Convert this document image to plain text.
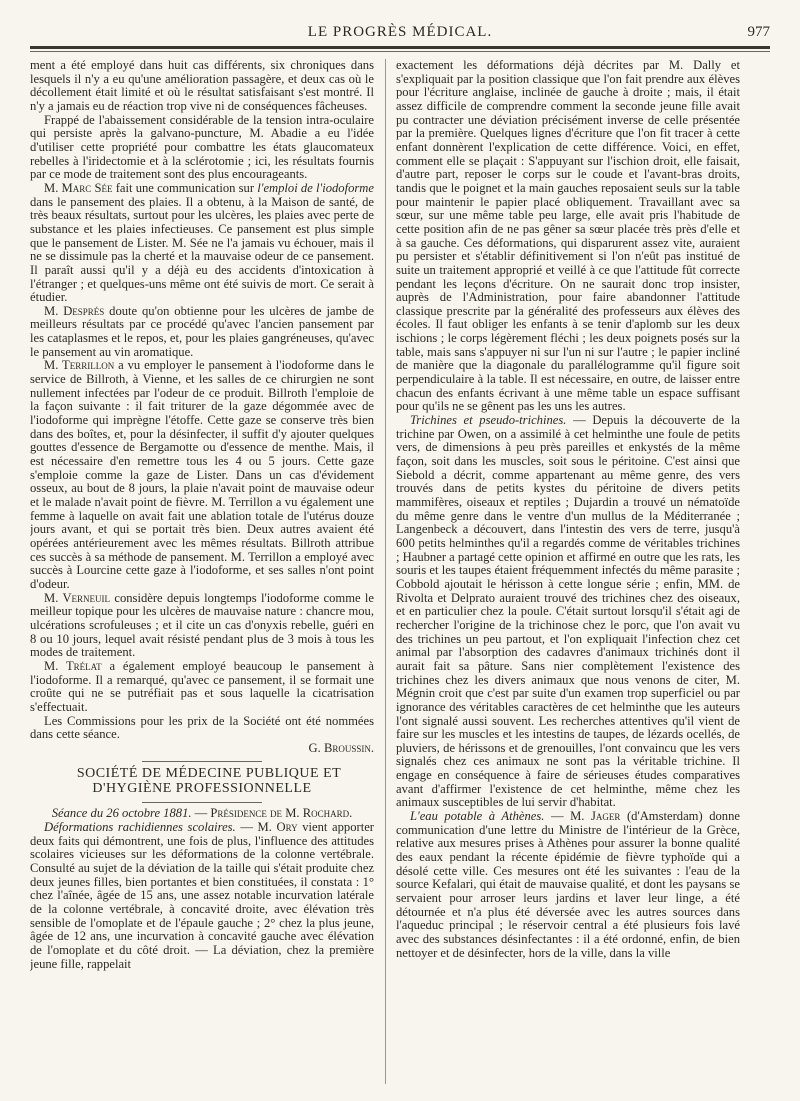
LE PROGRÈS MÉDICAL.	977

ment a été employé dans huit cas différents, six chroniques dans lesquels il n'y a eu qu'une amélioration passagère, et deux cas où le décollement était limité et où le résultat satisfaisant s'est montré. Il n'y a jamais eu de réaction trop vive ni de conséquences fâcheuses.

Frappé de l'abaissement considérable de la tension intra-oculaire qui persiste après la galvano-puncture, M. Abadie a eu l'idée d'utiliser cette propriété pour combattre les états glaucomateux rebelles à l'iridectomie et à la sclérotomie ; ici, les résultats fournis par ce mode de traitement sont des plus encourageants.

M. Marc Sée fait une communication sur l'emploi de l'iodoforme dans le pansement des plaies. Il a obtenu, à la Maison de santé, de très beaux résultats, surtout pour les ulcères, les plaies avec perte de substance et les plaies infectieuses. Ce pansement est plus simple que le pansement de Lister. M. Sée ne l'a jamais vu échouer, mais il ne se dissimule pas la cherté et la mauvaise odeur de ce pansement. Il paraît aussi qu'il y a déjà eu des accidents d'intoxication à l'étranger ; et quelques-uns même ont été suivis de mort. Ce serait à étudier.

M. Després doute qu'on obtienne pour les ulcères de jambe de meilleurs résultats par ce procédé qu'avec l'ancien pansement par les cataplasmes et le repos, et, pour les plaies gangréneuses, qu'avec le pansement au vin aromatique.

M. Terrillon a vu employer le pansement à l'iodoforme dans le service de Billroth, à Vienne, et les salles de ce chirurgien ne sont nullement infectées par l'odeur de ce produit. Billroth l'emploie de la façon suivante : il fait triturer de la gaze dégommée avec de l'iodoforme qui imprègne l'étoffe. Cette gaze se conserve très bien dans des boîtes, et, pour la désinfecter, il suffit d'y ajouter quelques gouttes d'essence de Bergamotte ou d'essence de menthe. Mais, il est nécessaire d'en remettre tous les 4 ou 5 jours. Cette gaze s'emploie comme la gaze de Lister. Dans un cas d'évidement osseux, au bout de 8 jours, la plaie n'avait point de mauvaise odeur et le malade n'avait point de fièvre. M. Terrillon a vu également une femme à laquelle on avait fait une ablation totale de l'utérus douze jours avant, et qui se portait très bien. Deux autres avaient été opérées antérieurement avec les mêmes résultats. Billroth attribue ces succès à sa méthode de pansement. M. Terrillon a employé avec succès à Lourcine cette gaze à l'iodoforme, et ses salles n'ont point d'odeur.

M. Verneuil considère depuis longtemps l'iodoforme comme le meilleur topique pour les ulcères de mauvaise nature : chancre mou, ulcérations scrofuleuses ; et il cite un cas d'onyxis rebelle, guéri en 8 ou 10 jours, lequel avait résisté pendant plus de 3 mois à tous les modes de traitement.

M. Trélat a également employé beaucoup le pansement à l'iodoforme. Il a remarqué, qu'avec ce pansement, il se formait une croûte qui ne se putréfiait pas et sous laquelle la cicatrisation s'effectuait.

Les Commissions pour les prix de la Société ont été nommées dans cette séance.

G. Broussin.

SOCIÉTÉ DE MÉDECINE PUBLIQUE ET D'HYGIÈNE PROFESSIONNELLE

Séance du 26 octobre 1881. — Présidence de M. Rochard.

Déformations rachidiennes scolaires. — M. Ory vient apporter deux faits qui démontrent, une fois de plus, l'influence des attitudes scolaires vicieuses sur les déformations de la colonne vertébrale. Consulté au sujet de la déviation de la taille qui s'était produite chez deux jeunes filles, bien portantes et bien constituées, il constata : 1° chez l'aînée, âgée de 15 ans, une assez notable incurvation latérale de la colonne vertébrale, à concavité droite, avec élévation très sensible de l'omoplate et de l'épaule gauche ; 2° chez la plus jeune, âgée de 12 ans, une incurvation à concavité gauche avec élévation de l'omoplate et du côté droit. — La déviation, chez la première jeune fille, rappelait

exactement les déformations déjà décrites par M. Dally et s'expliquait par la position classique que l'on fait prendre aux élèves pour l'écriture anglaise, inclinée de gauche à droite ; mais, il était assez difficile de comprendre comment la seconde jeune fille avait pu contracter une déviation précisément inverse de celle présentée par la première. Quelques lignes d'écriture que l'on fit tracer à cette enfant donnèrent l'explication de cette différence. Voici, en effet, comment elle se plaçait : S'appuyant sur l'ischion droit, elle faisait, d'autre part, reposer le corps sur le coude et l'avant-bras droits, tandis que le poignet et la main gauches reposaient seuls sur la table pour maintenir le papier placé obliquement. Travaillant avec sa sœur, sur une même table peu large, elle avait pris l'habitude de cette position afin de ne pas gêner sa sœur placée très près d'elle et à sa gauche. Ces déformations, qui disparurent assez vite, auraient pu persister et s'établir définitivement si l'on n'eût pas institué de suite un traitement approprié et veillé à ce que l'attitude fût correcte pendant les leçons d'écriture. On ne saurait donc trop insister, auprès de l'Administration, pour faire abandonner l'attitude classique prescrite par la généralité des professeurs aux élèves des écoles. Il faut obliger les enfants à se tenir d'aplomb sur les deux ischions ; le corps légèrement fléchi ; les deux poignets posés sur la table, mais sans s'appuyer ni sur l'un ni sur l'autre ; le papier incliné de manière que la diagonale du parallélogramme qu'il figure soit perpendiculaire à la table. Il est nécessaire, en outre, de laisser entre chacun des enfants écrivant à une même table un espace suffisant pour qu'ils ne se gênent pas les uns les autres.

Trichines et pseudo-trichines. — Depuis la découverte de la trichine par Owen, on a assimilé à cet helminthe une foule de petits vers, de dimensions à peu près pareilles et enkystés de la même façon, soit dans les muscles, soit sous le péritoine. C'est ainsi que Siebold a décrit, comme appartenant au même genre, des vers trouvés dans de petits kystes du péritoine de divers petits mammifères, oiseaux et reptiles ; Dujardin a trouvé un nématoïde du même genre dans le ventre d'un mullus de la Méditerranée ; Langenbeck a découvert, dans l'intestin des vers de terre, jusqu'à 600 petits helminthes qu'il a regardés comme de véritables trichines ; Haubner a partagé cette opinion et affirmé en outre que les rats, les souris et les taupes étaient fréquemment infectés du même parasite ; Cobbold ajoutait le hérisson à cette longue série ; enfin, MM. de Rivolta et Delprato auraient trouvé des trichines chez des oiseaux, et en particulier chez la poule. C'était surtout lorsqu'il s'était agi de rechercher l'origine de la trichinose chez le porc, que l'on avait vu des trichines un peu partout, et l'on expliquait l'infection chez cet animal par l'absorption des cadavres d'animaux trichinés dont il aurait fait sa pâture. Sans nier complètement l'existence des trichines chez les divers animaux que nous venons de citer, M. Mégnin croit que c'est par suite d'un examen trop superficiel ou par ignorance des véritables caractères de cet helminthe que les auteurs l'ont signalé aussi souvent. Les recherches attentives qu'il vient de faire sur les muscles et les intestins de taupes, de lézards ocellés, de pluviers, de hérissons et de grenouilles, l'ont convaincu que les vers signalés chez ces animaux ne sont pas la véritable trichine. Il engage en conséquence à faire de sérieuses études comparatives avant d'affirmer l'existence de cet helminthe, même chez les animaux susceptibles de lui servir d'habitat.

L'eau potable à Athènes. — M. Jager (d'Amsterdam) donne communication d'une lettre du Ministre de l'intérieur de la Grèce, relative aux mesures prises à Athènes pour assurer la bonne qualité des eaux pendant la récente épidémie de fièvre typhoïde qui a désolé cette ville. Ces mesures ont été les suivantes : l'eau de la source Kefalari, qui était de mauvaise qualité, et dont les paysans se servaient pour arroser leurs jardins et laver leur linge, a été détournée et n'a plus été déversée avec les autres sources dans l'aqueduc principal ; le réservoir central a été plusieurs fois lavé avec des substances désinfectantes : il a été ordonné, enfin, de bien nettoyer et de désinfecter, hors de la ville, dans la ville
